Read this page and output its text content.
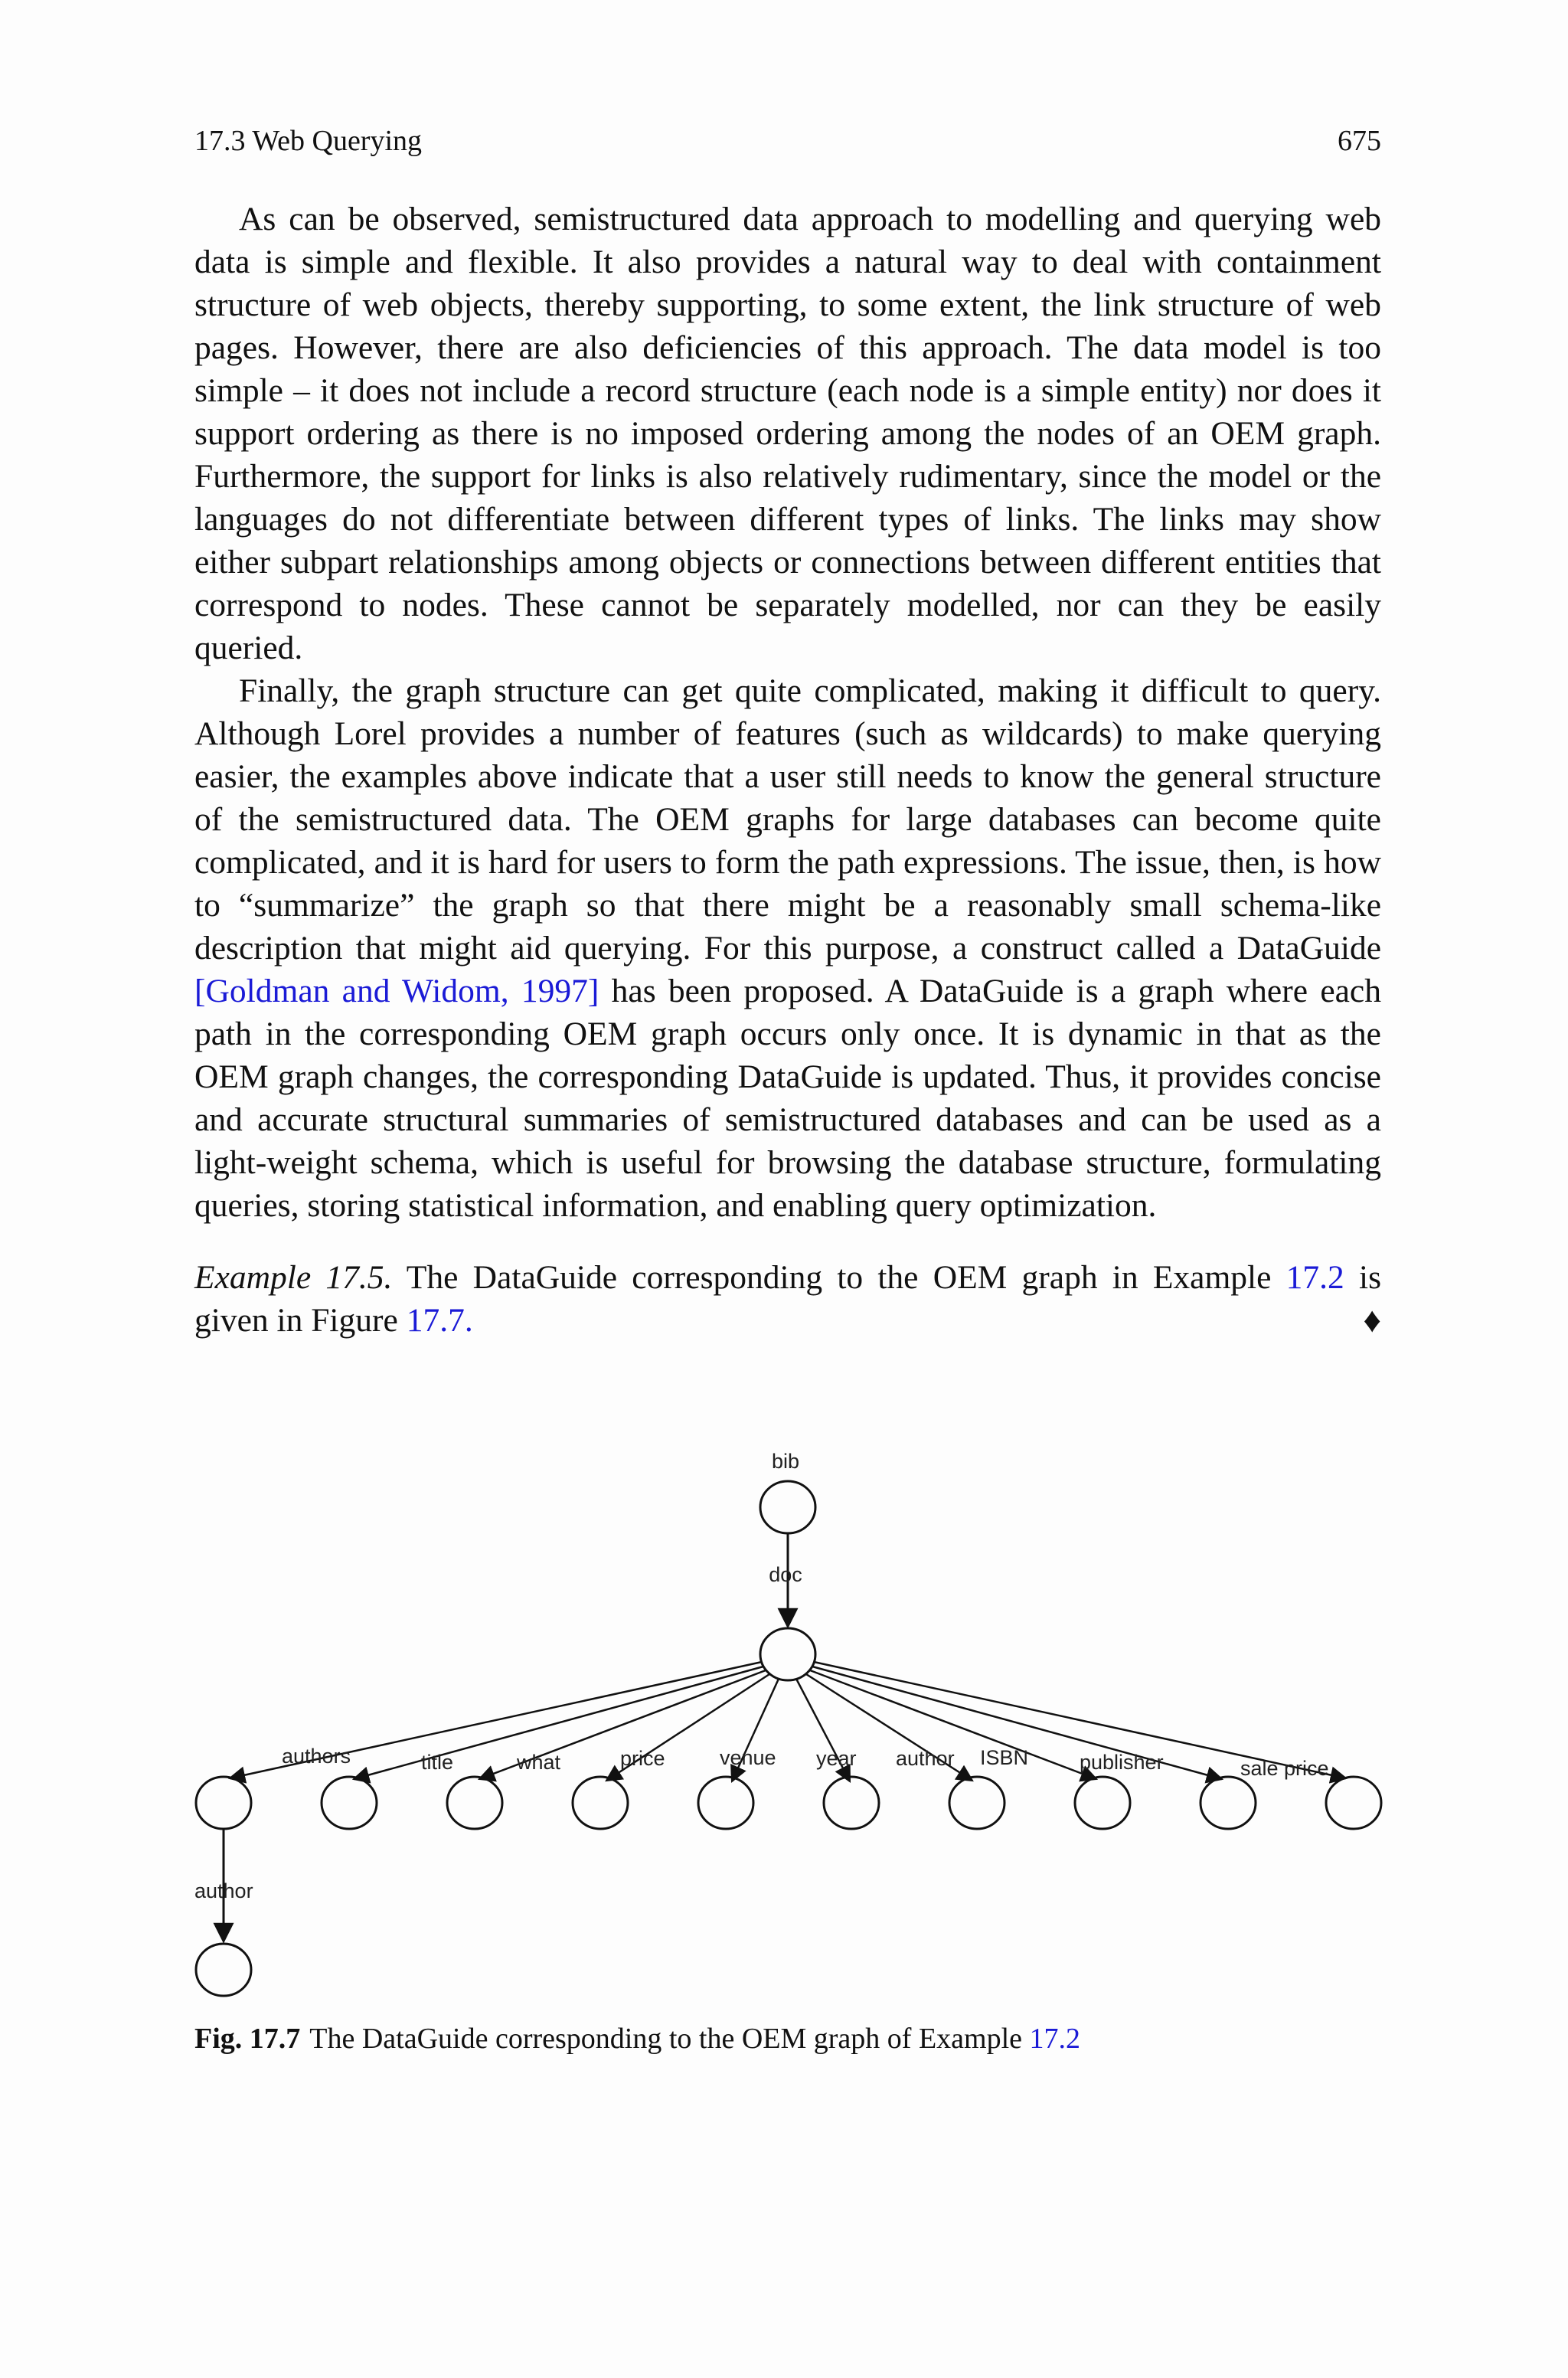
17.3 Web Querying	675

As can be observed, semistructured data approach to modelling and querying web data is simple and flexible. It also provides a natural way to deal with containment structure of web objects, thereby supporting, to some extent, the link structure of web pages. However, there are also deficiencies of this approach. The data model is too simple – it does not include a record structure (each node is a simple entity) nor does it support ordering as there is no imposed ordering among the nodes of an OEM graph. Furthermore, the support for links is also relatively rudimentary, since the model or the languages do not differentiate between different types of links. The links may show either subpart relationships among objects or connections between different entities that correspond to nodes. These cannot be separately modelled, nor can they be easily queried.

Finally, the graph structure can get quite complicated, making it difficult to query. Although Lorel provides a number of features (such as wildcards) to make querying easier, the examples above indicate that a user still needs to know the general structure of the semistructured data. The OEM graphs for large databases can become quite complicated, and it is hard for users to form the path expressions. The issue, then, is how to “summarize” the graph so that there might be a reasonably small schema-like description that might aid querying. For this purpose, a construct called a DataGuide [Goldman and Widom, 1997] has been proposed. A DataGuide is a graph where each path in the corresponding OEM graph occurs only once. It is dynamic in that as the OEM graph changes, the corresponding DataGuide is updated. Thus, it provides concise and accurate structural summaries of semistructured databases and can be used as a light-weight schema, which is useful for browsing the database structure, formulating queries, storing statistical information, and enabling query optimization.

Example 17.5. The DataGuide corresponding to the OEM graph in Example 17.2 is given in Figure 17.7.	♦
bib
doc
authors	title	what	price	venue year author ISBN publisher	sale price
author
Fig. 17.7 The DataGuide corresponding to the OEM graph of Example 17.2
